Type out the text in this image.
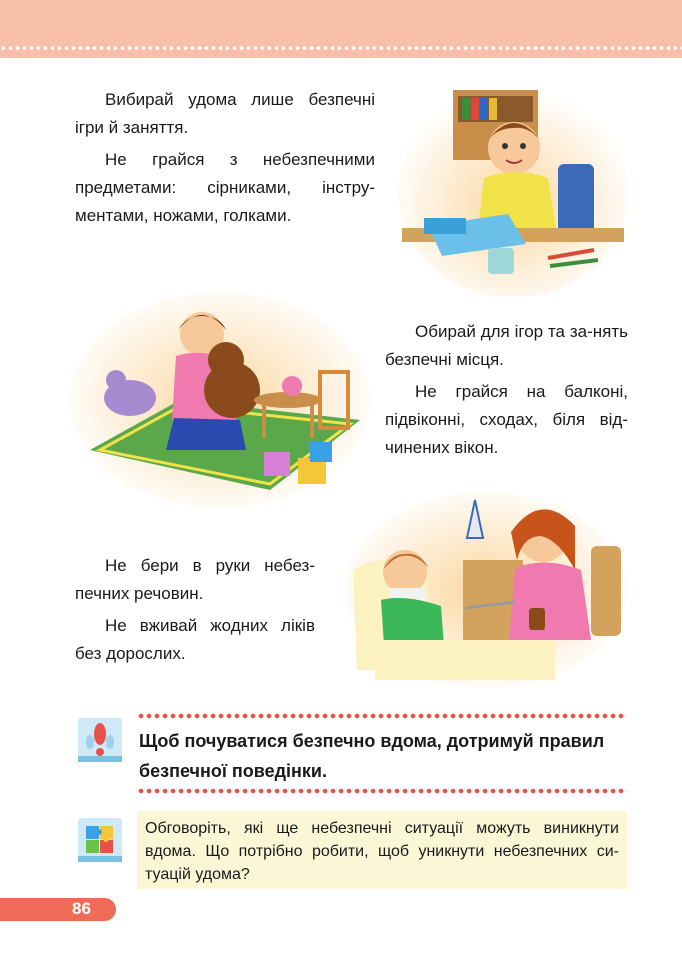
Вибирай удома лише безпечні ігри й заняття.

Не грайся з небезпечними предметами: сірниками, інстру-ментами, ножами, голками.

Обирай для ігор та за-нять безпечні місця.

Не грайся на балконі, підвіконні, сходах, біля від-чинених вікон.

Не бери в руки небез-печних речовин.

Не вживай жодних ліків без дорослих.

Щоб почуватися безпечно вдома, дотримуй правил безпечної поведінки.
Обговоріть, які ще небезпечні ситуації можуть виникнути вдома. Що потрібно робити, щоб уникнути небезпечних си-туацій удома?
86
